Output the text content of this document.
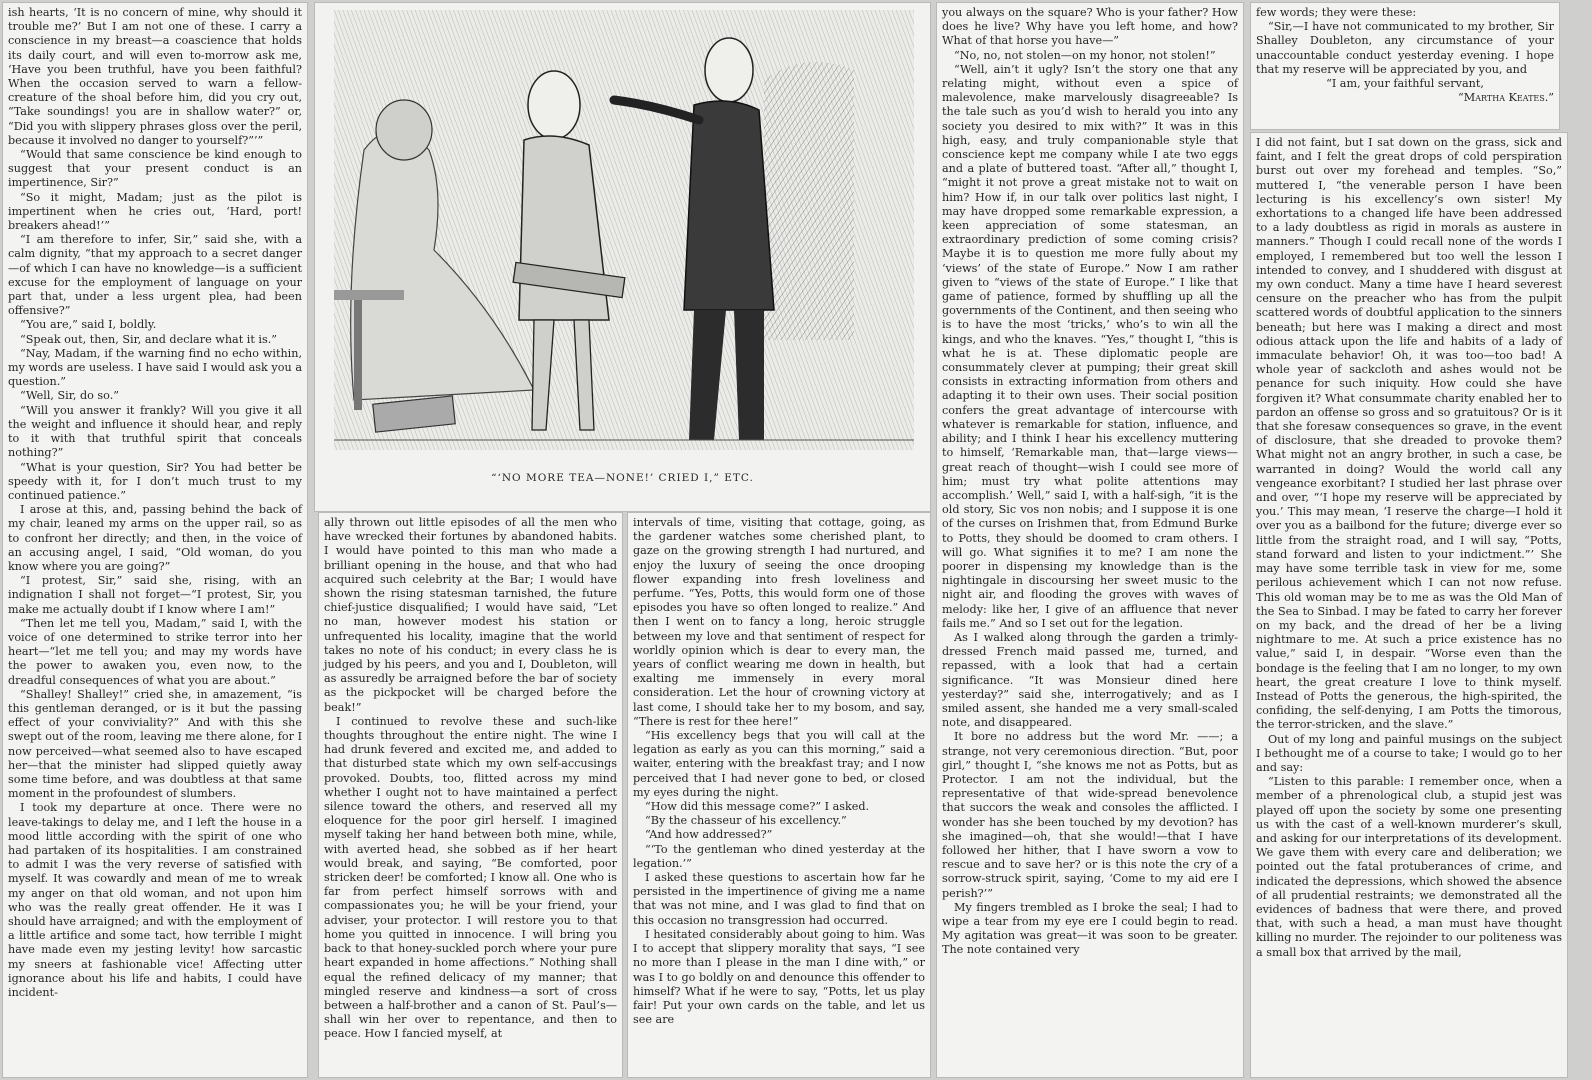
ish hearts, ‘It is no concern of mine, why should it trouble me?’ But I am not one of these. I carry a conscience in my breast—a coascience that holds its daily court, and will even to-morrow ask me, ‘Have you been truthful, have you been faithful? When the occasion served to warn a fellow-creature of the shoal before him, did you cry out, “Take soundings! you are in shallow water?” or, “Did you with slippery phrases gloss over the peril, because it involved no danger to yourself?”’”

“Would that same conscience be kind enough to suggest that your present conduct is an impertinence, Sir?”

“So it might, Madam; just as the pilot is impertinent when he cries out, ‘Hard, port! breakers ahead!’”

“I am therefore to infer, Sir,” said she, with a calm dignity, “that my approach to a secret danger—of which I can have no knowledge—is a sufficient excuse for the employment of language on your part that, under a less urgent plea, had been offensive?”

“You are,” said I, boldly.

“Speak out, then, Sir, and declare what it is.”

“Nay, Madam, if the warning find no echo within, my words are useless. I have said I would ask you a question.”

“Well, Sir, do so.”

“Will you answer it frankly? Will you give it all the weight and influence it should hear, and reply to it with that truthful spirit that conceals nothing?”

“What is your question, Sir? You had better be speedy with it, for I don’t much trust to my continued patience.”

I arose at this, and, passing behind the back of my chair, leaned my arms on the upper rail, so as to confront her directly; and then, in the voice of an accusing angel, I said, “Old woman, do you know where you are going?”

“I protest, Sir,” said she, rising, with an indignation I shall not forget—“I protest, Sir, you make me actually doubt if I know where I am!”

“Then let me tell you, Madam,” said I, with the voice of one determined to strike terror into her heart—“let me tell you; and may my words have the power to awaken you, even now, to the dreadful consequences of what you are about.”

“Shalley! Shalley!” cried she, in amazement, “is this gentleman deranged, or is it but the passing effect of your conviviality?” And with this she swept out of the room, leaving me there alone, for I now perceived—what seemed also to have escaped her—that the minister had slipped quietly away some time before, and was doubtless at that same moment in the profoundest of slumbers.

I took my departure at once. There were no leave-takings to delay me, and I left the house in a mood little according with the spirit of one who had partaken of its hospitalities. I am constrained to admit I was the very reverse of satisfied with myself. It was cowardly and mean of me to wreak my anger on that old woman, and not upon him who was the really great offender. He it was I should have arraigned; and with the employment of a little artifice and some tact, how terrible I might have made even my jesting levity! how sarcastic my sneers at fashionable vice! Affecting utter ignorance about his life and habits, I could have incident-

“‘NO MORE TEA—NONE!’ CRIED I,” ETC.

ally thrown out little episodes of all the men who have wrecked their fortunes by abandoned habits. I would have pointed to this man who made a brilliant opening in the house, and that who had acquired such celebrity at the Bar; I would have shown the rising statesman tarnished, the future chief-justice disqualified; I would have said, “Let no man, however modest his station or unfrequented his locality, imagine that the world takes no note of his conduct; in every class he is judged by his peers, and you and I, Doubleton, will as assuredly be arraigned before the bar of society as the pickpocket will be charged before the beak!”

I continued to revolve these and such-like thoughts throughout the entire night. The wine I had drunk fevered and excited me, and added to that disturbed state which my own self-accusings provoked. Doubts, too, flitted across my mind whether I ought not to have maintained a perfect silence toward the others, and reserved all my eloquence for the poor girl herself. I imagined myself taking her hand between both mine, while, with averted head, she sobbed as if her heart would break, and saying, “Be comforted, poor stricken deer! be comforted; I know all. One who is far from perfect himself sorrows with and compassionates you; he will be your friend, your adviser, your protector. I will restore you to that home you quitted in innocence. I will bring you back to that honey-suckled porch where your pure heart expanded in home affections.” Nothing shall equal the refined delicacy of my manner; that mingled reserve and kindness—a sort of cross between a half-brother and a canon of St. Paul’s—shall win her over to repentance, and then to peace. How I fancied myself, at

intervals of time, visiting that cottage, going, as the gardener watches some cherished plant, to gaze on the growing strength I had nurtured, and enjoy the luxury of seeing the once drooping flower expanding into fresh loveliness and perfume. “Yes, Potts, this would form one of those episodes you have so often longed to realize.” And then I went on to fancy a long, heroic struggle between my love and that sentiment of respect for worldly opinion which is dear to every man, the years of conflict wearing me down in health, but exalting me immensely in every moral consideration. Let the hour of crowning victory at last come, I should take her to my bosom, and say, “There is rest for thee here!”

“His excellency begs that you will call at the legation as early as you can this morning,” said a waiter, entering with the breakfast tray; and I now perceived that I had never gone to bed, or closed my eyes during the night.

“How did this message come?” I asked.

“By the chasseur of his excellency.”

“And how addressed?”

“‘To the gentleman who dined yesterday at the legation.’”

I asked these questions to ascertain how far he persisted in the impertinence of giving me a name that was not mine, and I was glad to find that on this occasion no transgression had occurred.

I hesitated considerably about going to him. Was I to accept that slippery morality that says, “I see no more than I please in the man I dine with,” or was I to go boldly on and denounce this offender to himself? What if he were to say, “Potts, let us play fair! Put your own cards on the table, and let us see are

you always on the square? Who is your father? How does he live? Why have you left home, and how? What of that horse you have—”

“No, no, not stolen—on my honor, not stolen!”

“Well, ain’t it ugly? Isn’t the story one that any relating might, without even a spice of malevolence, make marvelously disagreeable? Is the tale such as you’d wish to herald you into any society you desired to mix with?” It was in this high, easy, and truly companionable style that conscience kept me company while I ate two eggs and a plate of buttered toast. “After all,” thought I, “might it not prove a great mistake not to wait on him? How if, in our talk over politics last night, I may have dropped some remarkable expression, a keen appreciation of some statesman, an extraordinary prediction of some coming crisis? Maybe it is to question me more fully about my ‘views’ of the state of Europe.” Now I am rather given to “views of the state of Europe.” I like that game of patience, formed by shuffling up all the governments of the Continent, and then seeing who is to have the most ‘tricks,’ who’s to win all the kings, and who the knaves. “Yes,” thought I, “this is what he is at. These diplomatic people are consummately clever at pumping; their great skill consists in extracting information from others and adapting it to their own uses. Their social position confers the great advantage of intercourse with whatever is remarkable for station, influence, and ability; and I think I hear his excellency muttering to himself, ‘Remarkable man, that—large views—great reach of thought—wish I could see more of him; must try what polite attentions may accomplish.’ Well,” said I, with a half-sigh, “it is the old story, Sic vos non nobis; and I suppose it is one of the curses on Irishmen that, from Edmund Burke to Potts, they should be doomed to cram others. I will go. What signifies it to me? I am none the poorer in dispensing my knowledge than is the nightingale in discoursing her sweet music to the night air, and flooding the groves with waves of melody: like her, I give of an affluence that never fails me.” And so I set out for the legation.

As I walked along through the garden a trimly-dressed French maid passed me, turned, and repassed, with a look that had a certain significance. “It was Monsieur dined here yesterday?” said she, interrogatively; and as I smiled assent, she handed me a very small-scaled note, and disappeared.

It bore no address but the word Mr. ——; a strange, not very ceremonious direction. “But, poor girl,” thought I, “she knows me not as Potts, but as Protector. I am not the individual, but the representative of that wide-spread benevolence that succors the weak and consoles the afflicted. I wonder has she been touched by my devotion? has she imagined—oh, that she would!—that I have followed her hither, that I have sworn a vow to rescue and to save her? or is this note the cry of a sorrow-struck spirit, saying, ‘Come to my aid ere I perish?’”

My fingers trembled as I broke the seal; I had to wipe a tear from my eye ere I could begin to read. My agitation was great—it was soon to be greater. The note contained very

few words; they were these:

“Sir,—I have not communicated to my brother, Sir Shalley Doubleton, any circumstance of your unaccountable conduct yesterday evening. I hope that my reserve will be appreciated by you, and

“I am, your faithful servant,

“Martha Keates.”

I did not faint, but I sat down on the grass, sick and faint, and I felt the great drops of cold perspiration burst out over my forehead and temples. “So,” muttered I, “the venerable person I have been lecturing is his excellency’s own sister! My exhortations to a changed life have been addressed to a lady doubtless as rigid in morals as austere in manners.” Though I could recall none of the words I employed, I remembered but too well the lesson I intended to convey, and I shuddered with disgust at my own conduct. Many a time have I heard severest censure on the preacher who has from the pulpit scattered words of doubtful application to the sinners beneath; but here was I making a direct and most odious attack upon the life and habits of a lady of immaculate behavior! Oh, it was too—too bad! A whole year of sackcloth and ashes would not be penance for such iniquity. How could she have forgiven it? What consummate charity enabled her to pardon an offense so gross and so gratuitous? Or is it that she foresaw consequences so grave, in the event of disclosure, that she dreaded to provoke them? What might not an angry brother, in such a case, be warranted in doing? Would the world call any vengeance exorbitant? I studied her last phrase over and over, “‘I hope my reserve will be appreciated by you.’ This may mean, ‘I reserve the charge—I hold it over you as a bailbond for the future; diverge ever so little from the straight road, and I will say, “Potts, stand forward and listen to your indictment.”’ She may have some terrible task in view for me, some perilous achievement which I can not now refuse. This old woman may be to me as was the Old Man of the Sea to Sinbad. I may be fated to carry her forever on my back, and the dread of her be a living nightmare to me. At such a price existence has no value,” said I, in despair. “Worse even than the bondage is the feeling that I am no longer, to my own heart, the great creature I love to think myself. Instead of Potts the generous, the high-spirited, the confiding, the self-denying, I am Potts the timorous, the terror-stricken, and the slave.”

Out of my long and painful musings on the subject I bethought me of a course to take; I would go to her and say:

“Listen to this parable: I remember once, when a member of a phrenological club, a stupid jest was played off upon the society by some one presenting us with the cast of a well-known murderer’s skull, and asking for our interpretations of its development. We gave them with every care and deliberation; we pointed out the fatal protuberances of crime, and indicated the depressions, which showed the absence of all prudential restraints; we demonstrated all the evidences of badness that were there, and proved that, with such a head, a man must have thought killing no murder. The rejoinder to our politeness was a small box that arrived by the mail,
